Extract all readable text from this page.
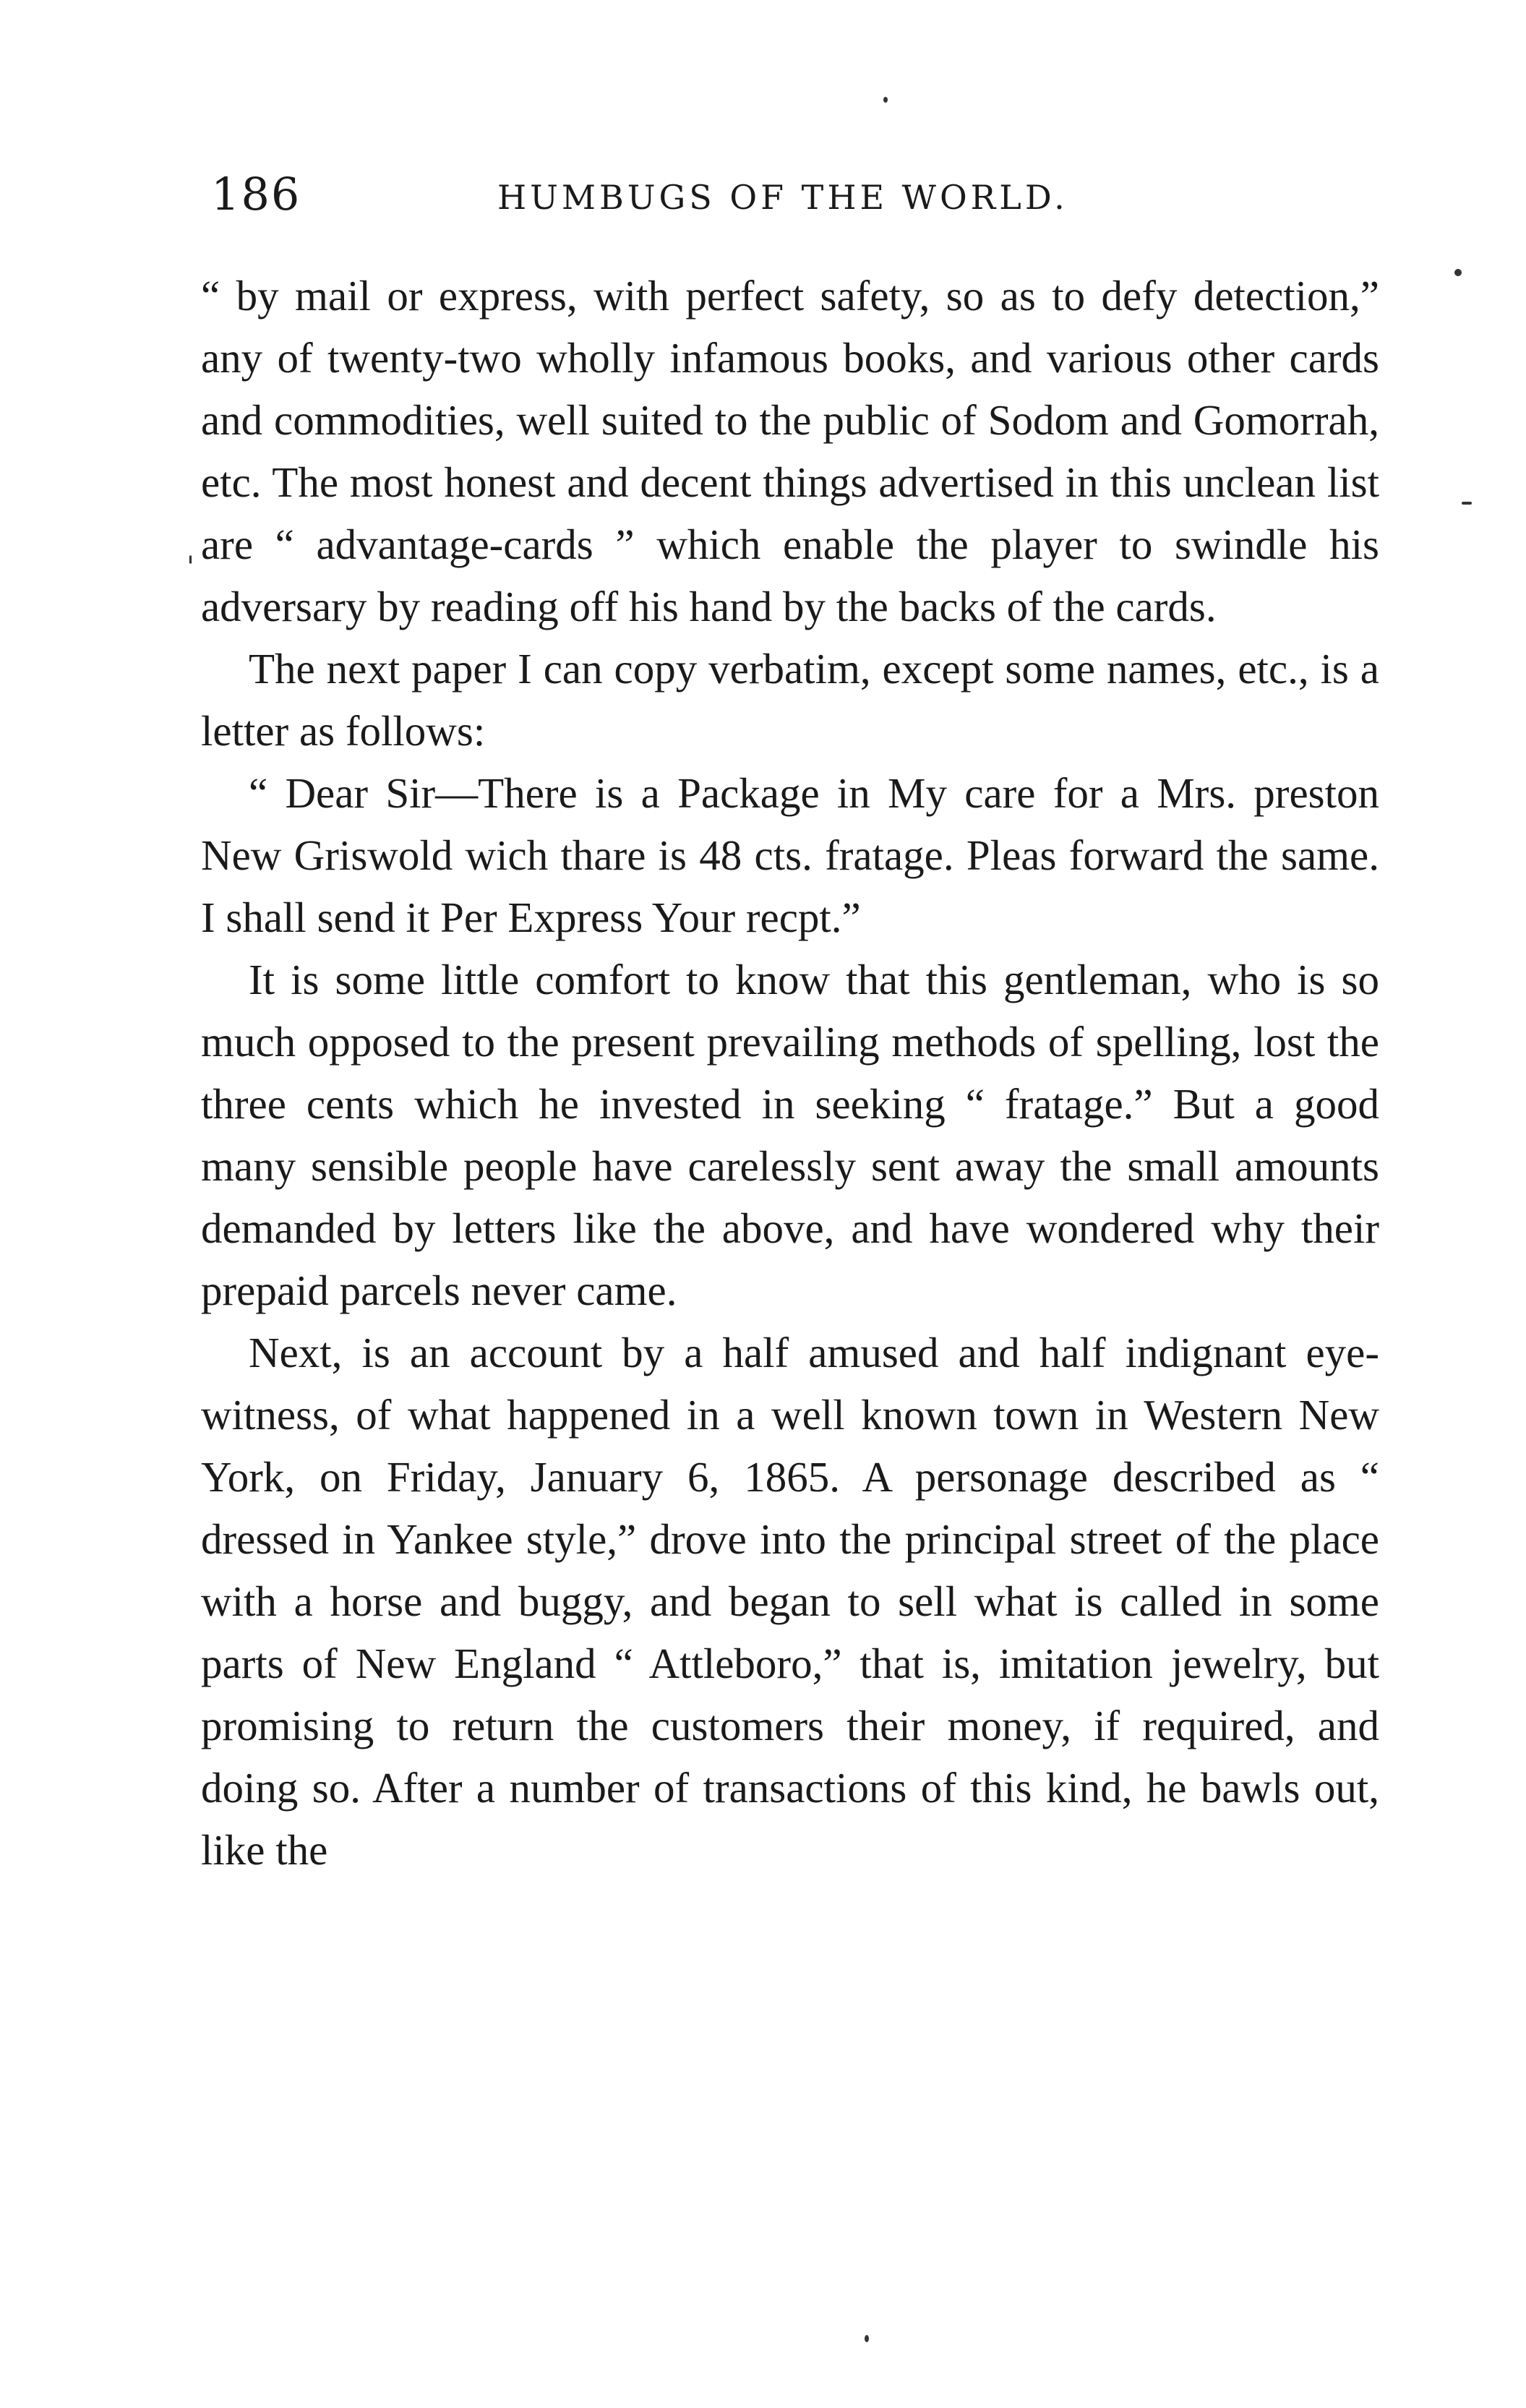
'
186	HUMBUGS OF THE WORLD.

“ by mail or express, with perfect safety, so as to defy detection,” any of twenty-two wholly infamous books, and various other cards and commodities, well suited to the public of Sodom and Gomorrah, etc. The most honest and decent things advertised in this unclean list are “ advantage-cards ” which enable the player to swindle his adversary by reading off his hand by the backs of the cards.

The next paper I can copy verbatim, except some names, etc., is a letter as follows:

“ Dear Sir—There is a Package in My care for a Mrs. preston New Griswold wich thare is 48 cts. fratage. Pleas forward the same. I shall send it Per Express Your recpt.”

It is some little comfort to know that this gentleman, who is so much opposed to the present prevailing methods of spelling, lost the three cents which he invested in seeking “ fratage.” But a good many sensible people have carelessly sent away the small amounts demanded by letters like the above, and have wondered why their prepaid parcels never came.

Next, is an account by a half amused and half indignant eye-witness, of what happened in a well known town in Western New York, on Friday, January 6, 1865. A personage described as “ dressed in Yankee style,” drove into the principal street of the place with a horse and buggy, and began to sell what is called in some parts of New England “ Attleboro,” that is, imitation jewelry, but promising to return the customers their money, if required, and doing so. After a number of transactions of this kind, he bawls out, like the
